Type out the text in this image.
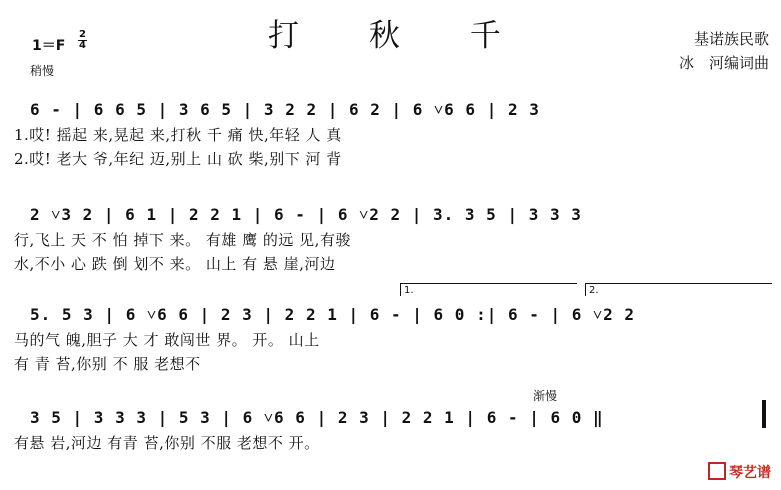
打 秋 千
1＝F
2
4
稍慢
基诺族民歌
冰　河编词曲
6 - | 6 6 5 | 3 6 5 | 3 2 2 | 6 2 | 6 ˅6 6 | 2 3
1.哎! 摇起 来,晃起 来,打秋 千 痛 快,年轻 人 真
2.哎! 老大 爷,年纪 迈,别上 山 砍 柴,别下 河 背
2 ˅3 2 | 6 1 | 2 2 1 | 6 - | 6 ˅2 2 | 3. 3 5 | 3 3 3
行,飞上 天 不 怕 掉下 来。 有雄 鹰 的远 见,有骏
水,不小 心 跌 倒 划不 来。 山上 有 悬 崖,河边
1.	2.
5. 5 3 | 6 ˅6 6 | 2 3 | 2 2 1 | 6 - | 6 0 :| 6 - | 6 ˅2 2
马的气 魄,胆子 大 才 敢闯世 界。 开。 山上
有 青 苔,你别 不 服 老想不
渐慢
3 5 | 3 3 3 | 5 3 | 6 ˅6 6 | 2 3 | 2 2 1 | 6 - | 6 0 ‖
有悬 岩,河边 有青 苔,你别 不服 老想不 开。
琴艺谱
